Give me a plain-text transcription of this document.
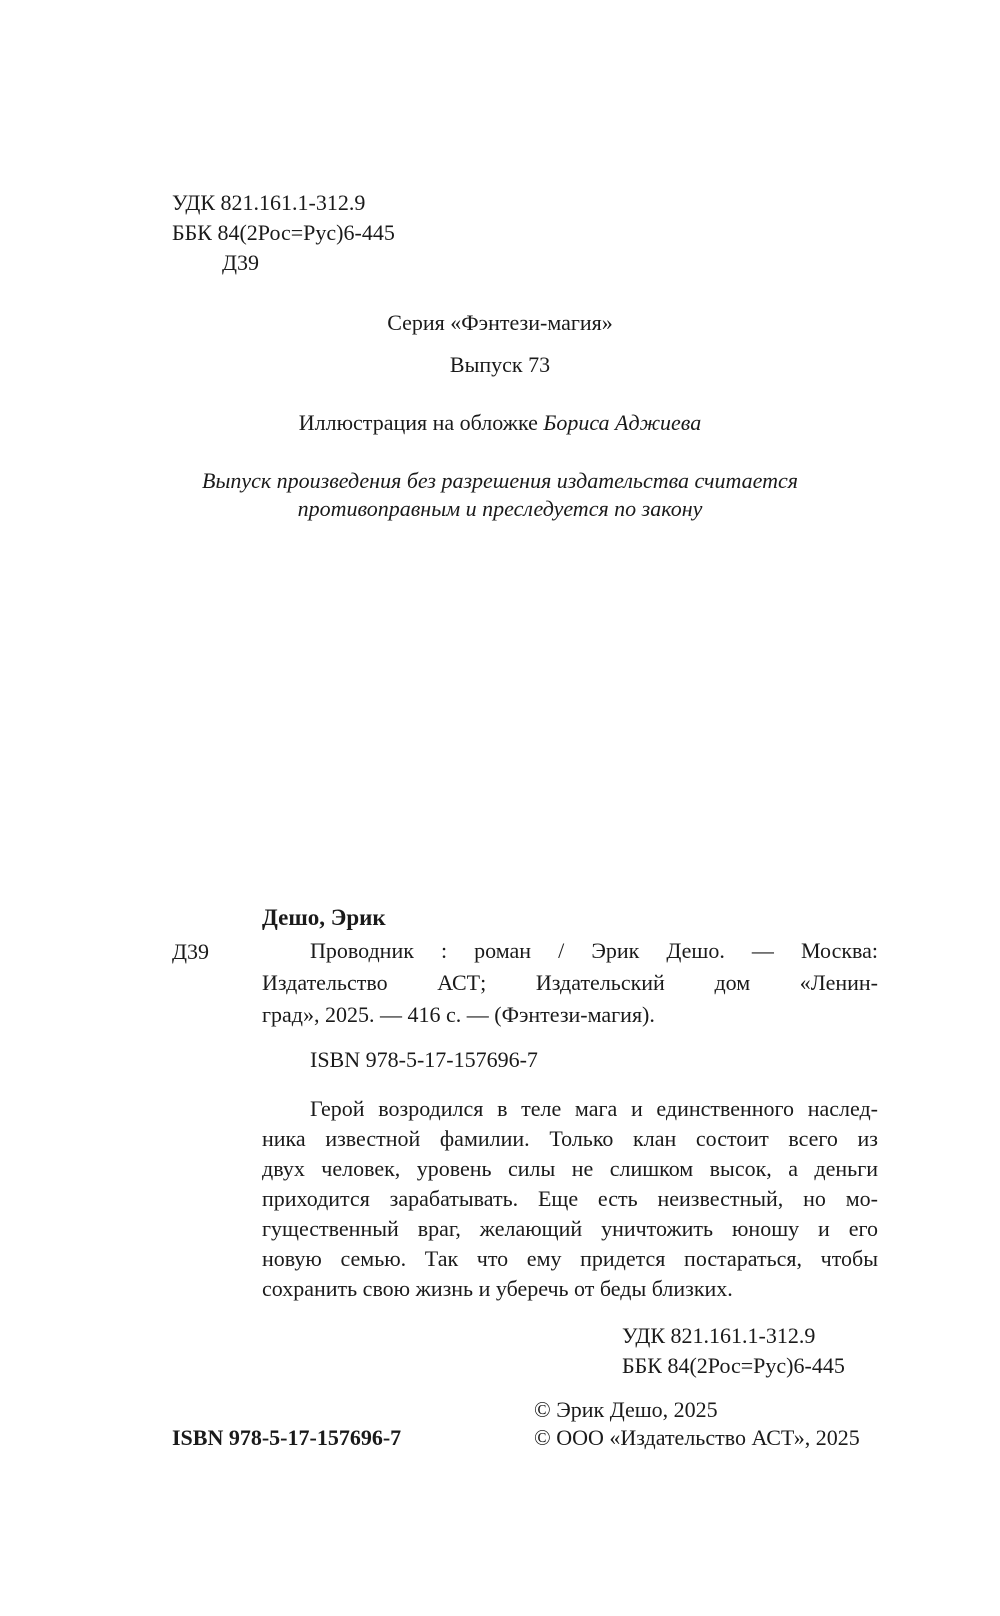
УДК 821.161.1-312.9
ББК 84(2Рос=Рус)6-445
Д39
Серия «Фэнтези-магия»
Выпуск 73
Иллюстрация на обложке Бориса Аджиева
Выпуск произведения без разрешения издательства считается
противоправным и преследуется по закону
Дешо, Эрик
Д39	Проводник : роман / Эрик Дешо. — Москва:
Издательство АСТ; Издательский дом «Ленин-
град», 2025. — 416 с. — (Фэнтези-магия).
ISBN 978-5-17-157696-7
Герой возродился в теле мага и единственного наслед-
ника известной фамилии. Только клан состоит всего из
двух человек, уровень силы не слишком высок, а деньги
приходится зарабатывать. Еще есть неизвестный, но мо-
гущественный враг, желающий уничтожить юношу и его
новую семью. Так что ему придется постараться, чтобы
сохранить свою жизнь и уберечь от беды близких.
УДК 821.161.1-312.9
ББК 84(2Рос=Рус)6-445
© Эрик Дешо, 2025
© ООО «Издательство АСТ», 2025
ISBN 978-5-17-157696-7
